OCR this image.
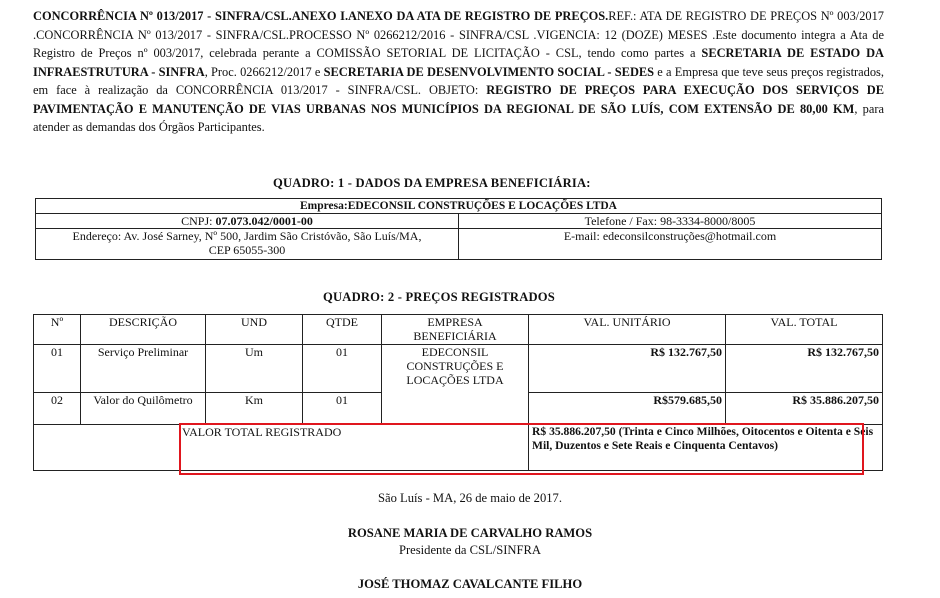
CONCORRÊNCIA Nº 013/2017 - SINFRA/CSL.ANEXO I.ANEXO DA ATA DE REGISTRO DE PREÇOS.REF.: ATA DE REGISTRO DE PREÇOS Nº 003/2017 .CONCORRÊNCIA Nº 013/2017 - SINFRA/CSL.PROCESSO Nº 0266212/2016 - SINFRA/CSL .VIGENCIA: 12 (DOZE) MESES .Este documento integra a Ata de Registro de Preços nº 003/2017, celebrada perante a COMISSÃO SETORIAL DE LICITAÇÃO - CSL, tendo como partes a SECRETARIA DE ESTADO DA INFRAESTRUTURA - SINFRA, Proc. 0266212/2017 e SECRETARIA DE DESENVOLVIMENTO SOCIAL - SEDES e a Empresa que teve seus preços registrados, em face à realização da CONCORRÊNCIA 013/2017 - SINFRA/CSL. OBJETO: REGISTRO DE PREÇOS PARA EXECUÇÃO DOS SERVIÇOS DE PAVIMENTAÇÃO E MANUTENÇÃO DE VIAS URBANAS NOS MUNICÍPIOS DA REGIONAL DE SÃO LUÍS, COM EXTENSÃO DE 80,00 KM, para atender as demandas dos Órgãos Participantes.
QUADRO: 1 - DADOS DA EMPRESA BENEFICIÁRIA:
Empresa:EDECONSIL CONSTRUÇÕES E LOCAÇÕES LTDA	
CNPJ: 07.073.042/0001-00	Telefone / Fax: 98-3334-8000/8005

Endereço: Av. José Sarney, Nº 500, Jardim São Cristóvão, São Luís/MA, CEP 65055-300	E-mail: edeconsilconstruções@hotmail.com
QUADRO: 2 - PREÇOS REGISTRADOS
Nº	DESCRIÇÃO	UND	QTDE	EMPRESA BENEFICIÁRIA	VAL. UNITÁRIO	VAL. TOTAL
01	Serviço Preliminar	Um	01	EDECONSIL CONSTRUÇÕES E LOCAÇÕES LTDA	R$ 132.767,50	R$ 132.767,50
02	Valor do Quilômetro	Km	01		R$579.685,50	R$ 35.886.207,50
VALOR TOTAL REGISTRADO					R$ 35.886.207,50 (Trinta e Cinco Milhões, Oitocentos e Oitenta e Seis Mil, Duzentos e Sete Reais e Cinquenta Centavos)	
São Luís - MA, 26 de maio de 2017.
ROSANE MARIA DE CARVALHO RAMOS
Presidente da CSL/SINFRA
JOSÉ THOMAZ CAVALCANTE FILHO
